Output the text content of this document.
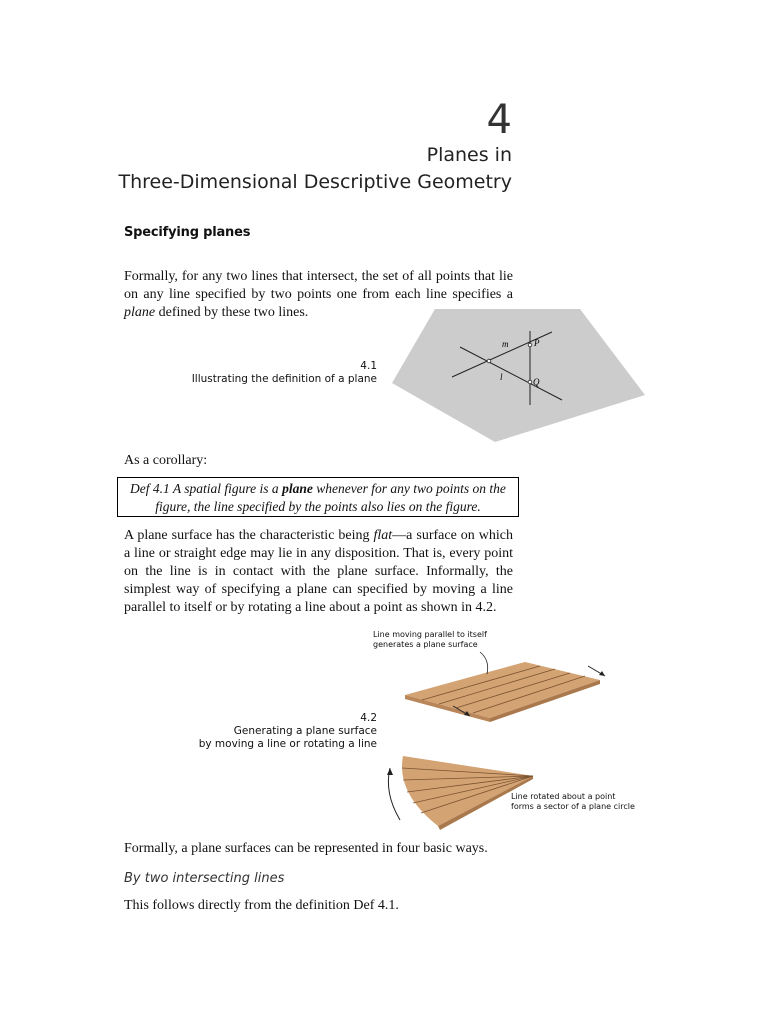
4
Planes in
Three-Dimensional Descriptive Geometry
Specifying planes
Formally, for any two lines that intersect, the set of all points that lie on any line specified by two points one from each line specifies a plane defined by these two lines.
4.1
Illustrating the definition of a plane
m
l
P
Q
As a corollary:
Def 4.1 A spatial figure is a plane whenever for any two points on the figure, the line specified by the points also lies on the figure.
A plane surface has the characteristic being flat—a surface on which a line or straight edge may lie in any disposition. That is, every point on the line is in contact with the plane surface. Informally, the simplest way of specifying a plane can specified by moving a line parallel to itself or by rotating a line about a point as shown in 4.2.
4.2
Generating a plane surface
by moving a line or rotating a line
Line moving parallel to itself
generates a plane surface
Line rotated about a point
forms a sector of a plane circle
Formally, a plane surfaces can be represented in four basic ways.
By two intersecting lines
This follows directly from the definition Def 4.1.
